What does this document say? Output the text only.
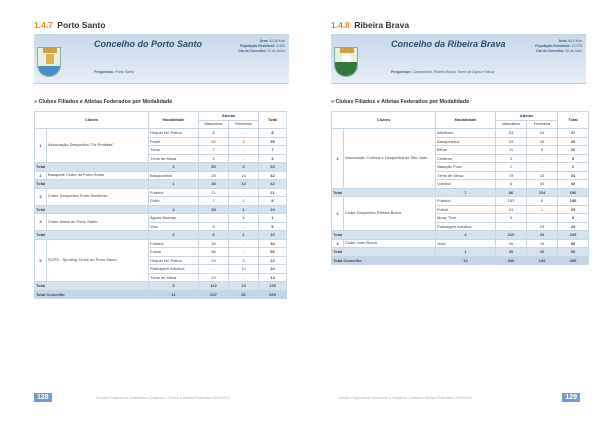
1.4.7 Porto Santo
Concelho do Porto Santo	Área: 42,48 Km²
População Residente: 5.483
Dia do Concelho: 24 de junho
Freguesias: Porto Santo
» Clubes Filiados e Atletas Federados por Modalidade
Clubes		Modalidade	Atletas		Total
			Masculinos	Femininos	
1	Associação Desportiva "Os Profetas"	Hóquei em Patins	8	-	8
		Padel	32	3	35
		Ténis	7	-	7
		Ténis de Mesa	3	-	3
Total		4	50	3	53
2	Basquete Clube do Porto Santo	Basquetebol	28	14	42
Total		1	28	14	42
3	Clube Desportivo Porto-Santense	Futebol	21	-	21
		Golfe	7	1	8
Total		2	28	1	29
4	Clube Naval do Porto Santo	Águas Abertas	-	1	1
		Vela	9	-	9
Total		2	9	1	10
5	SCPS - Sporting Clube do Porto Santo	Futebol	34	-	34
		Futsal	56	-	56
		Hóquei em Patins	19	3	22
		Patinagem Artística	-	10	10
		Ténis de Mesa	13	-	13
Total		5	122	13	135
Total Concelho		11	237	32	269
128	Direção Regional de Juventude e Desporto | Clubes e Atletas Federados 2015/2016
1.4.8 Ribeira Brava
Concelho da Ribeira Brava	Área: 65,4 Km²
População Residente: 13.375
Dia do Concelho: 06 de maio
Freguesias: Campanário, Ribeira Brava, Serra de Água e Tabua
» Clubes Filiados e Atletas Federados por Modalidade
Clubes		Modalidade	Atletas		Total
			Masculinos	Femininos	
1	Associação Cultural e Desportiva de São João	Atletismo	23	24	47
		Basquetebol	23	26	49
		Bilhar	11	5	16
		Ciclismo	3	-	3
		Natação Pura	1	-	1
		Ténis de Mesa	19	15	34
		Voleibol	6	34	40
Total		7	86	104	190
2	Clube Desportivo Ribeira Brava	Futebol	183	5	188
		Futsal	24	1	25
		Muay Thai	3	-	3
		Patinagem Artística	-	23	23
Total		4	210	29	239
3	Clube Judo Brava	Judo	40	16	56
Total		1	40	16	56
Total Concelho		12	336	149	485
Direção Regional de Juventude e Desporto | Clubes e Atletas Federados 2015/2016	129
